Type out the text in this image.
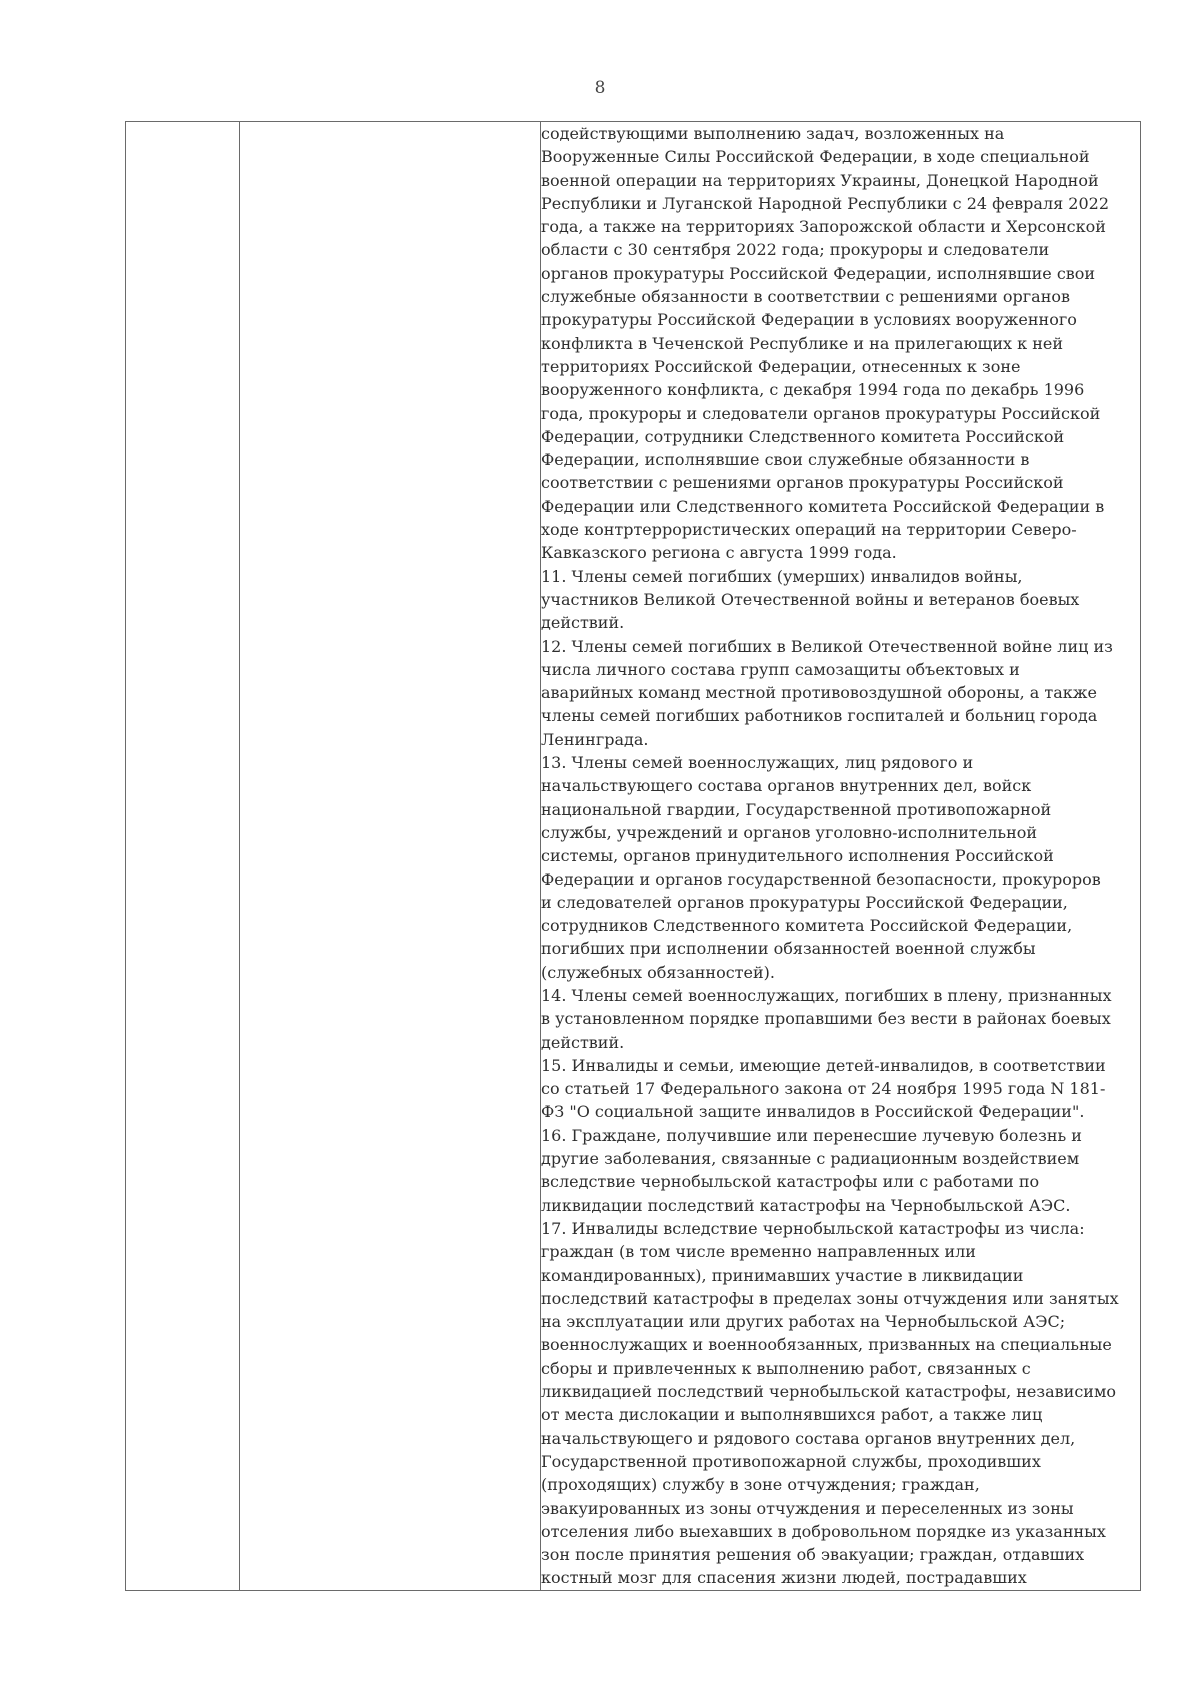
8

содействующими выполнению задач, возложенных на
Вооруженные Силы Российской Федерации, в ходе специальной
военной операции на территориях Украины, Донецкой Народной
Республики и Луганской Народной Республики с 24 февраля 2022
года, а также на территориях Запорожской области и Херсонской
области с 30 сентября 2022 года; прокуроры и следователи
органов прокуратуры Российской Федерации, исполнявшие свои
служебные обязанности в соответствии с решениями органов
прокуратуры Российской Федерации в условиях вооруженного
конфликта в Чеченской Республике и на прилегающих к ней
территориях Российской Федерации, отнесенных к зоне
вооруженного конфликта, с декабря 1994 года по декабрь 1996
года, прокуроры и следователи органов прокуратуры Российской
Федерации, сотрудники Следственного комитета Российской
Федерации, исполнявшие свои служебные обязанности в
соответствии с решениями органов прокуратуры Российской
Федерации или Следственного комитета Российской Федерации в
ходе контртеррористических операций на территории Северо-
Кавказского региона с августа 1999 года.
11. Члены семей погибших (умерших) инвалидов войны,
участников Великой Отечественной войны и ветеранов боевых
действий.
12. Члены семей погибших в Великой Отечественной войне лиц из
числа личного состава групп самозащиты объектовых и
аварийных команд местной противовоздушной обороны, а также
члены семей погибших работников госпиталей и больниц города
Ленинграда.
13. Члены семей военнослужащих, лиц рядового и
начальствующего состава органов внутренних дел, войск
национальной гвардии, Государственной противопожарной
службы, учреждений и органов уголовно-исполнительной
системы, органов принудительного исполнения Российской
Федерации и органов государственной безопасности, прокуроров
и следователей органов прокуратуры Российской Федерации,
сотрудников Следственного комитета Российской Федерации,
погибших при исполнении обязанностей военной службы
(служебных обязанностей).
14. Члены семей военнослужащих, погибших в плену, признанных
в установленном порядке пропавшими без вести в районах боевых
действий.
15. Инвалиды и семьи, имеющие детей-инвалидов, в соответствии
со статьей 17 Федерального закона от 24 ноября 1995 года N 181-
ФЗ "О социальной защите инвалидов в Российской Федерации".
16. Граждане, получившие или перенесшие лучевую болезнь и
другие заболевания, связанные с радиационным воздействием
вследствие чернобыльской катастрофы или с работами по
ликвидации последствий катастрофы на Чернобыльской АЭС.
17. Инвалиды вследствие чернобыльской катастрофы из числа:
граждан (в том числе временно направленных или
командированных), принимавших участие в ликвидации
последствий катастрофы в пределах зоны отчуждения или занятых
на эксплуатации или других работах на Чернобыльской АЭС;
военнослужащих и военнообязанных, призванных на специальные
сборы и привлеченных к выполнению работ, связанных с
ликвидацией последствий чернобыльской катастрофы, независимо
от места дислокации и выполнявшихся работ, а также лиц
начальствующего и рядового состава органов внутренних дел,
Государственной противопожарной службы, проходивших
(проходящих) службу в зоне отчуждения; граждан,
эвакуированных из зоны отчуждения и переселенных из зоны
отселения либо выехавших в добровольном порядке из указанных
зон после принятия решения об эвакуации; граждан, отдавших
костный мозг для спасения жизни людей, пострадавших
